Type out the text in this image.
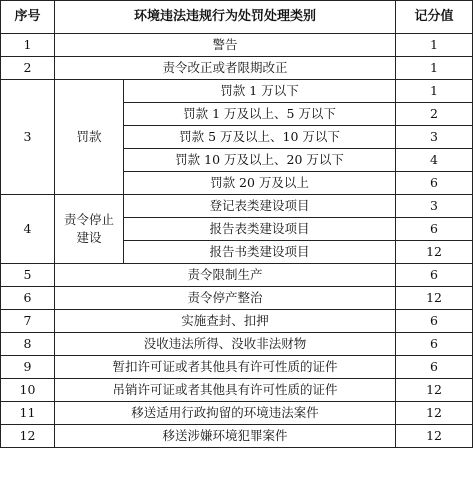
序号	环境违法违规行为处罚处理类别		记分值
1	警告		1
2	责令改正或者限期改正		1
3	罚款	罚款 1 万以下	1
		罚款 1 万及以上、5 万以下	2
		罚款 5 万及以上、10 万以下	3
		罚款 10 万及以上、20 万以下	4
		罚款 20 万及以上	6
4	责令停止建设	登记表类建设项目	3
		报告表类建设项目	6
		报告书类建设项目	12
5	责令限制生产		6
6	责令停产整治		12
7	实施查封、扣押		6
8	没收违法所得、没收非法财物		6
9	暂扣许可证或者其他具有许可性质的证件		6
10	吊销许可证或者其他具有许可性质的证件		12
11	移送适用行政拘留的环境违法案件		12
12	移送涉嫌环境犯罪案件		12
